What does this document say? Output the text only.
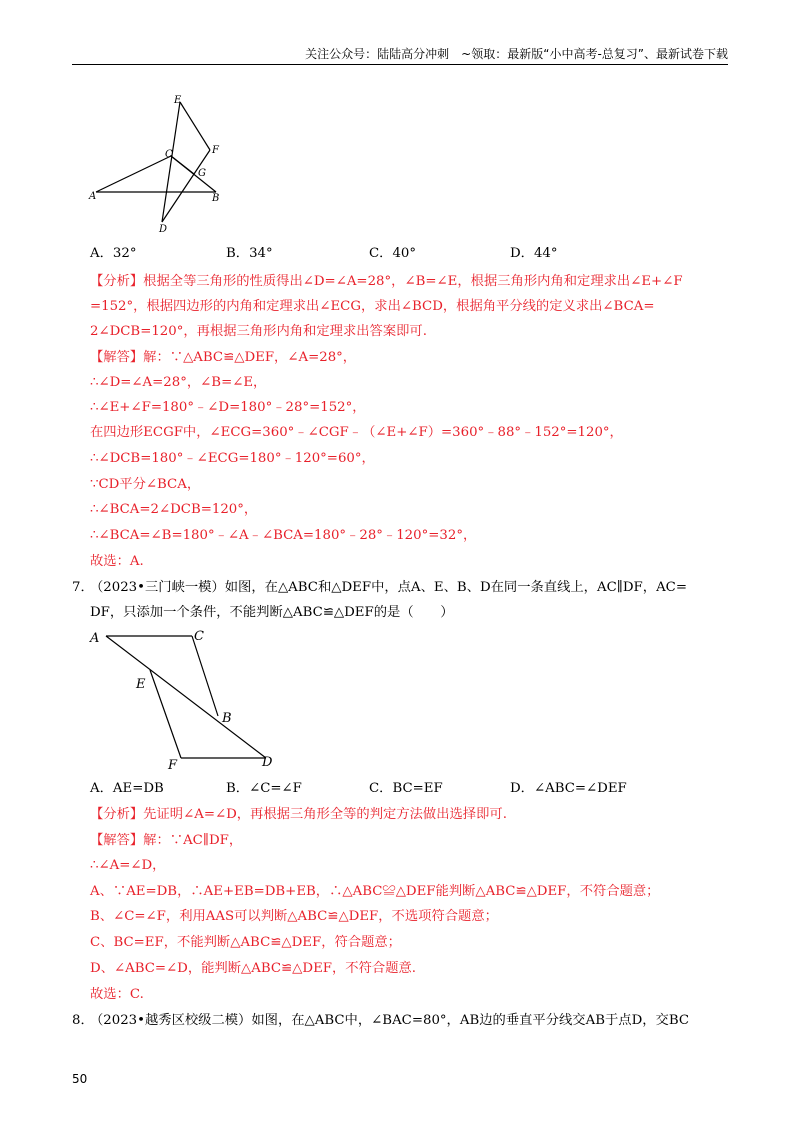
关注公众号：陆陆高分冲刺　~领取：最新版“小中高考-总复习”、最新试卷下载
E
C	F
G
A	B
D
A．32°	B．34°	C．40°	D．44°
【分析】根据全等三角形的性质得出∠D=∠A=28°，∠B=∠E，根据三角形内角和定理求出∠E+∠F
=152°，根据四边形的内角和定理求出∠ECG，求出∠BCD，根据角平分线的定义求出∠BCA=
2∠DCB=120°，再根据三角形内角和定理求出答案即可.
【解答】解：∵△ABC≌△DEF，∠A=28°，
∴∠D=∠A=28°，∠B=∠E，
∴∠E+∠F=180°﹣∠D=180°﹣28°=152°，
在四边形ECGF中，∠ECG=360°﹣∠CGF﹣（∠E+∠F）=360°﹣88°﹣152°=120°，
∴∠DCB=180°﹣∠ECG=180°﹣120°=60°，
∵CD平分∠BCA，
∴∠BCA=2∠DCB=120°，
∴∠BCA=∠B=180°﹣∠A﹣∠BCA=180°﹣28°﹣120°=32°，
故选：A.
7．
（2023•三门峡一模）如图，在△ABC和△DEF中，点A、E、B、D在同一条直线上，AC∥DF，AC=
DF，只添加一个条件，不能判断△ABC≌△DEF的是（　　）
A	C
E
B
F	D
A．AE=DB	B．∠C=∠F	C．BC=EF	D．∠ABC=∠DEF
【分析】先证明∠A=∠D，再根据三角形全等的判定方法做出选择即可.
【解答】解：∵AC∥DF，
∴∠A=∠D，
A、∵AE=DB，∴AE+EB=DB+EB，∴△ABC≌△DEF能判断△ABC≌△DEF，不符合题意；
B、∠C=∠F，利用AAS可以判断△ABC≌△DEF，不选项符合题意；
C、BC=EF，不能判断△ABC≌△DEF，符合题意；
D、∠ABC=∠D，能判断△ABC≌△DEF，不符合题意.
故选：C.
8．
（2023•越秀区校级二模）如图，在△ABC中，∠BAC=80°，AB边的垂直平分线交AB于点D，交BC
50
